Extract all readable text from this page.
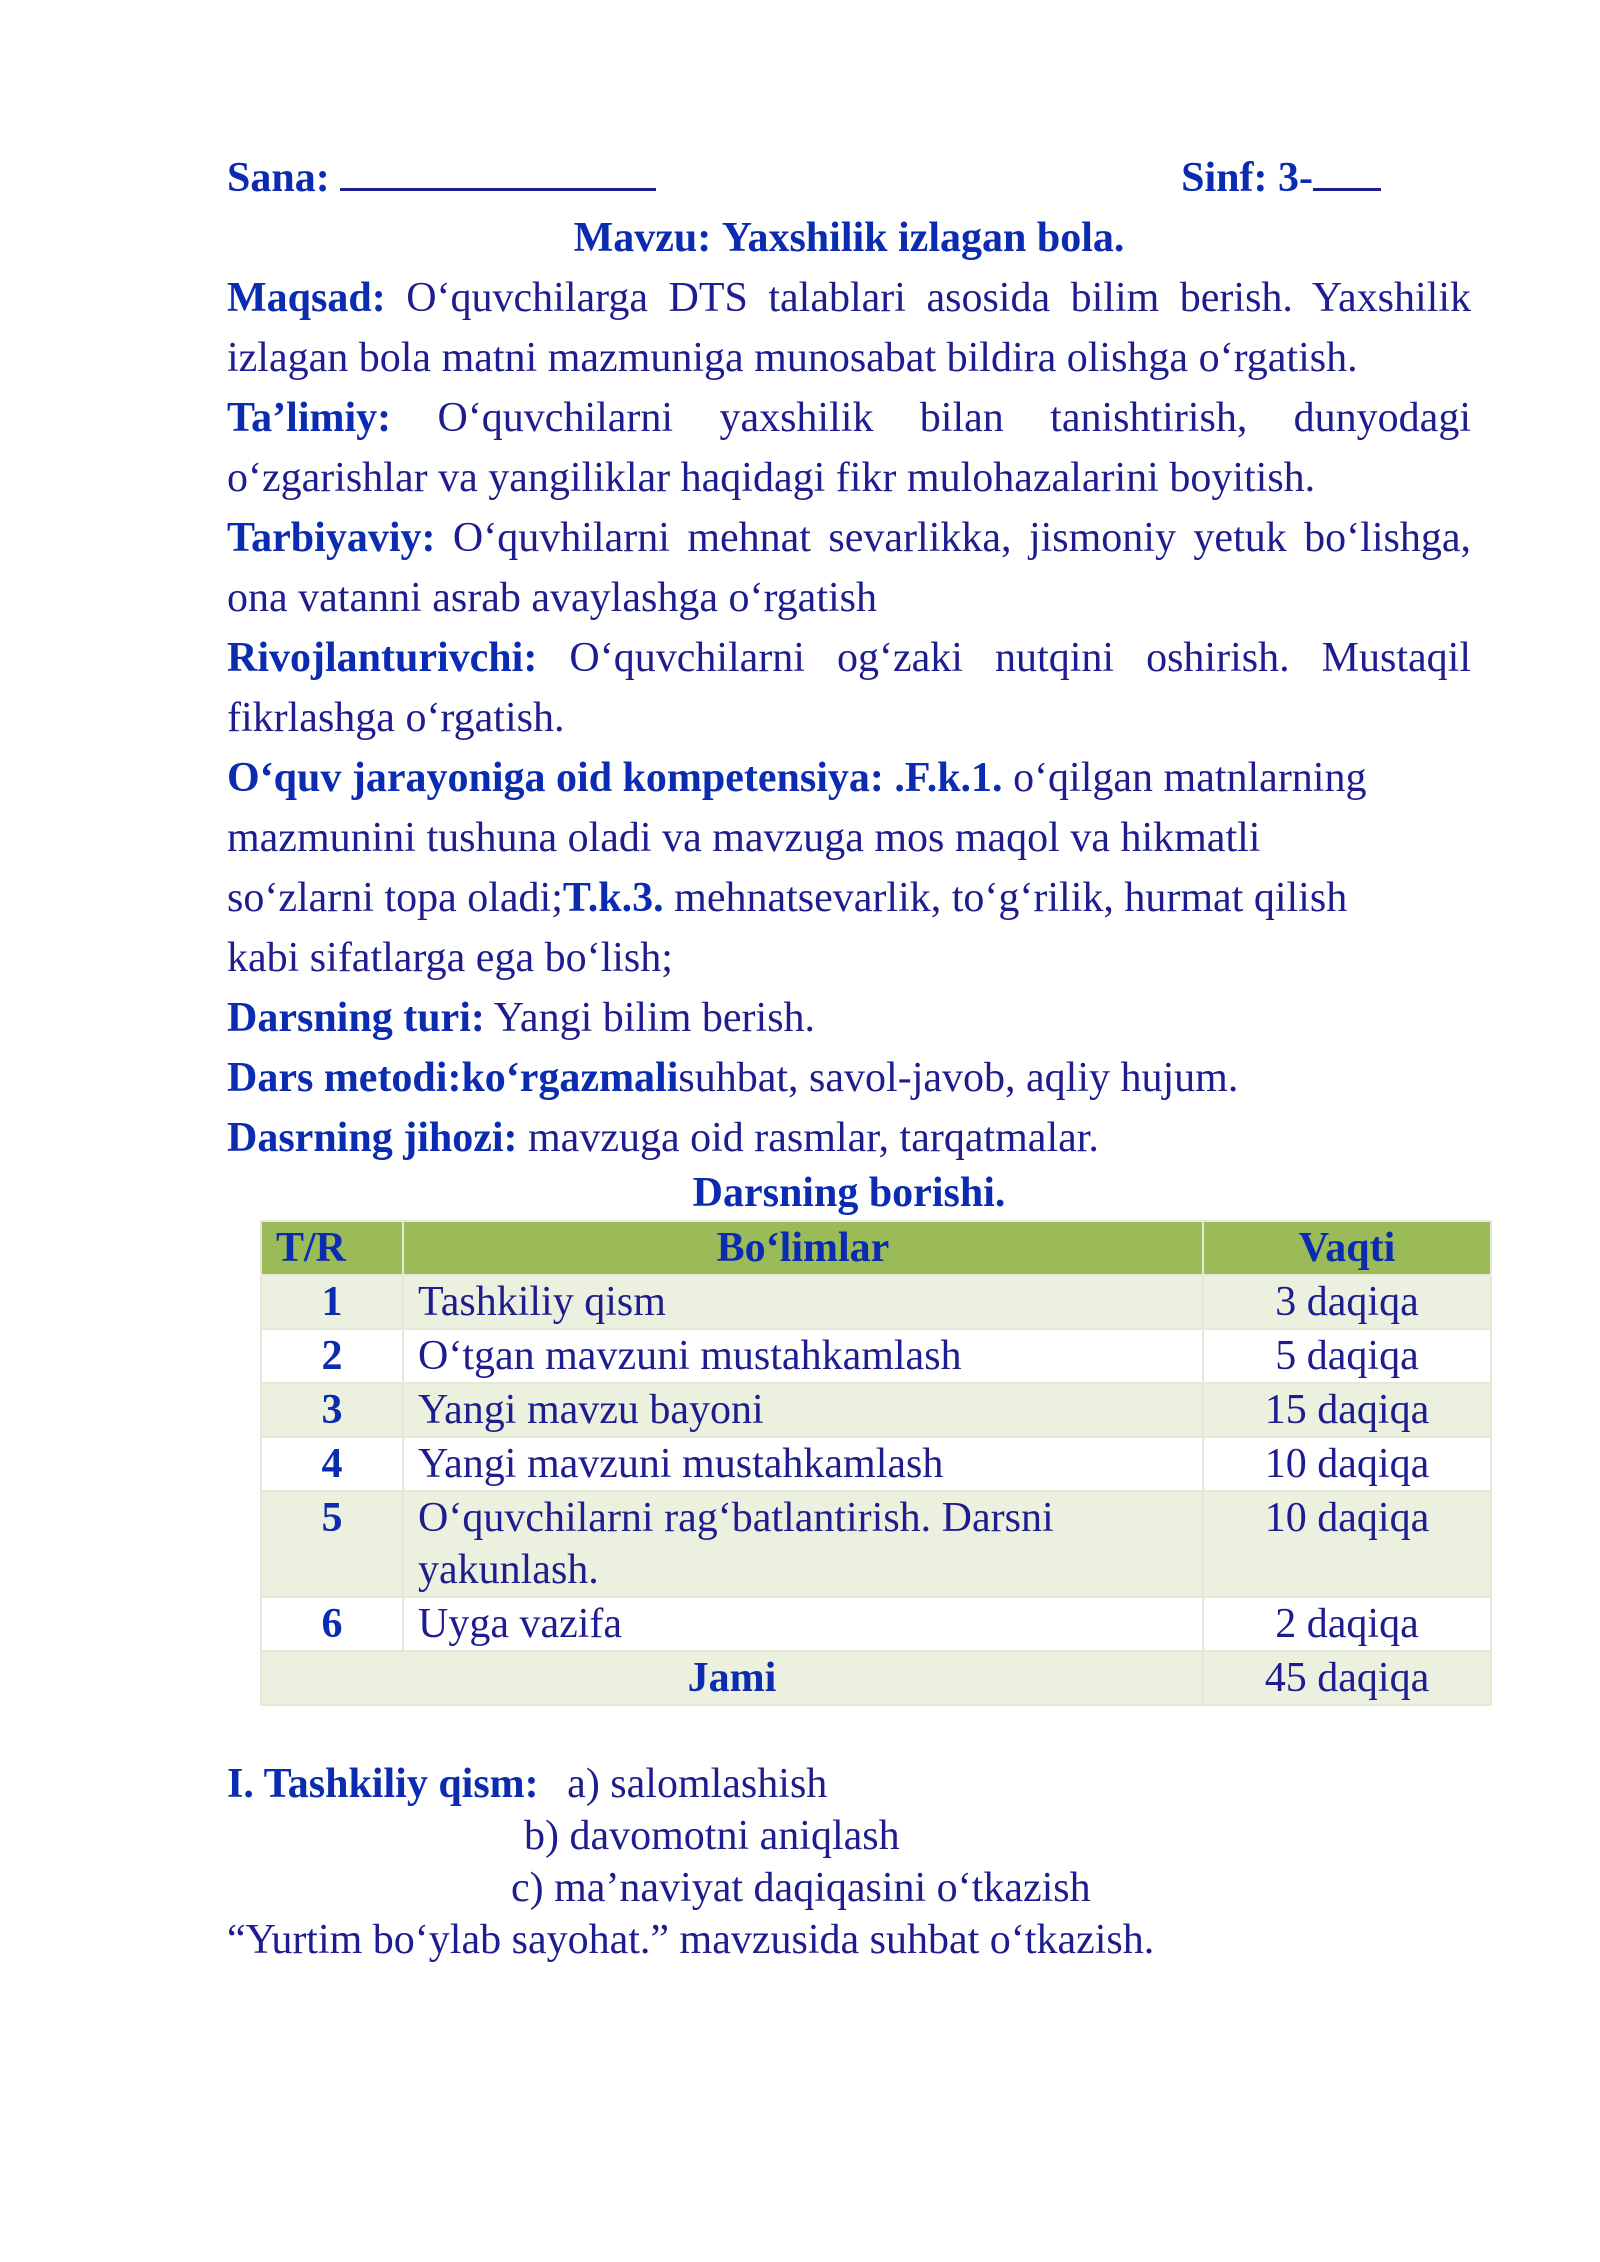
Sana:	Sinf: 3-
Mavzu: Yaxshilik izlagan bola.
Maqsad: O‘quvchilarga DTS talablari asosida bilim berish. Yaxshilik izlagan bola matni mazmuniga munosabat bildira olishga o‘rgatish.
Ta’limiy: O‘quvchilarni yaxshilik bilan tanishtirish, dunyodagi o‘zgarishlar va yangiliklar haqidagi fikr mulohazalarini boyitish.
Tarbiyaviy: O‘quvhilarni mehnat sevarlikka, jismoniy yetuk bo‘lishga, ona vatanni asrab avaylashga o‘rgatish
Rivojlanturivchi: O‘quvchilarni og‘zaki nutqini oshirish. Mustaqil fikrlashga o‘rgatish.
O‘quv jarayoniga oid kompetensiya: .F.k.1. o‘qilgan matnlarning
mazmunini tushuna oladi va mavzuga mos maqol va hikmatli
so‘zlarni topa oladi;T.k.3. mehnatsevarlik, to‘g‘rilik, hurmat qilish
kabi sifatlarga ega bo‘lish;
Darsning turi: Yangi bilim berish.
Dars metodi:ko‘rgazmalisuhbat, savol-javob, aqliy hujum.
Dasrning jihozi: mavzuga oid rasmlar, tarqatmalar.
Darsning borishi.
T/R	Bo‘limlar	Vaqti
1	Tashkiliy qism	3 daqiqa
2	O‘tgan mavzuni mustahkamlash	5 daqiqa
3	Yangi mavzu bayoni	15 daqiqa
4	Yangi mavzuni mustahkamlash	10 daqiqa
5	O‘quvchilarni rag‘batlantirish. Darsni yakunlash.	10 daqiqa
6	Uyga vazifa	2 daqiqa
Jami		45 daqiqa
I. Tashkiliy qism: a) salomlashish
b) davomotni aniqlash
c) ma’naviyat daqiqasini o‘tkazish
“Yurtim bo‘ylab sayohat.” mavzusida suhbat o‘tkazish.
